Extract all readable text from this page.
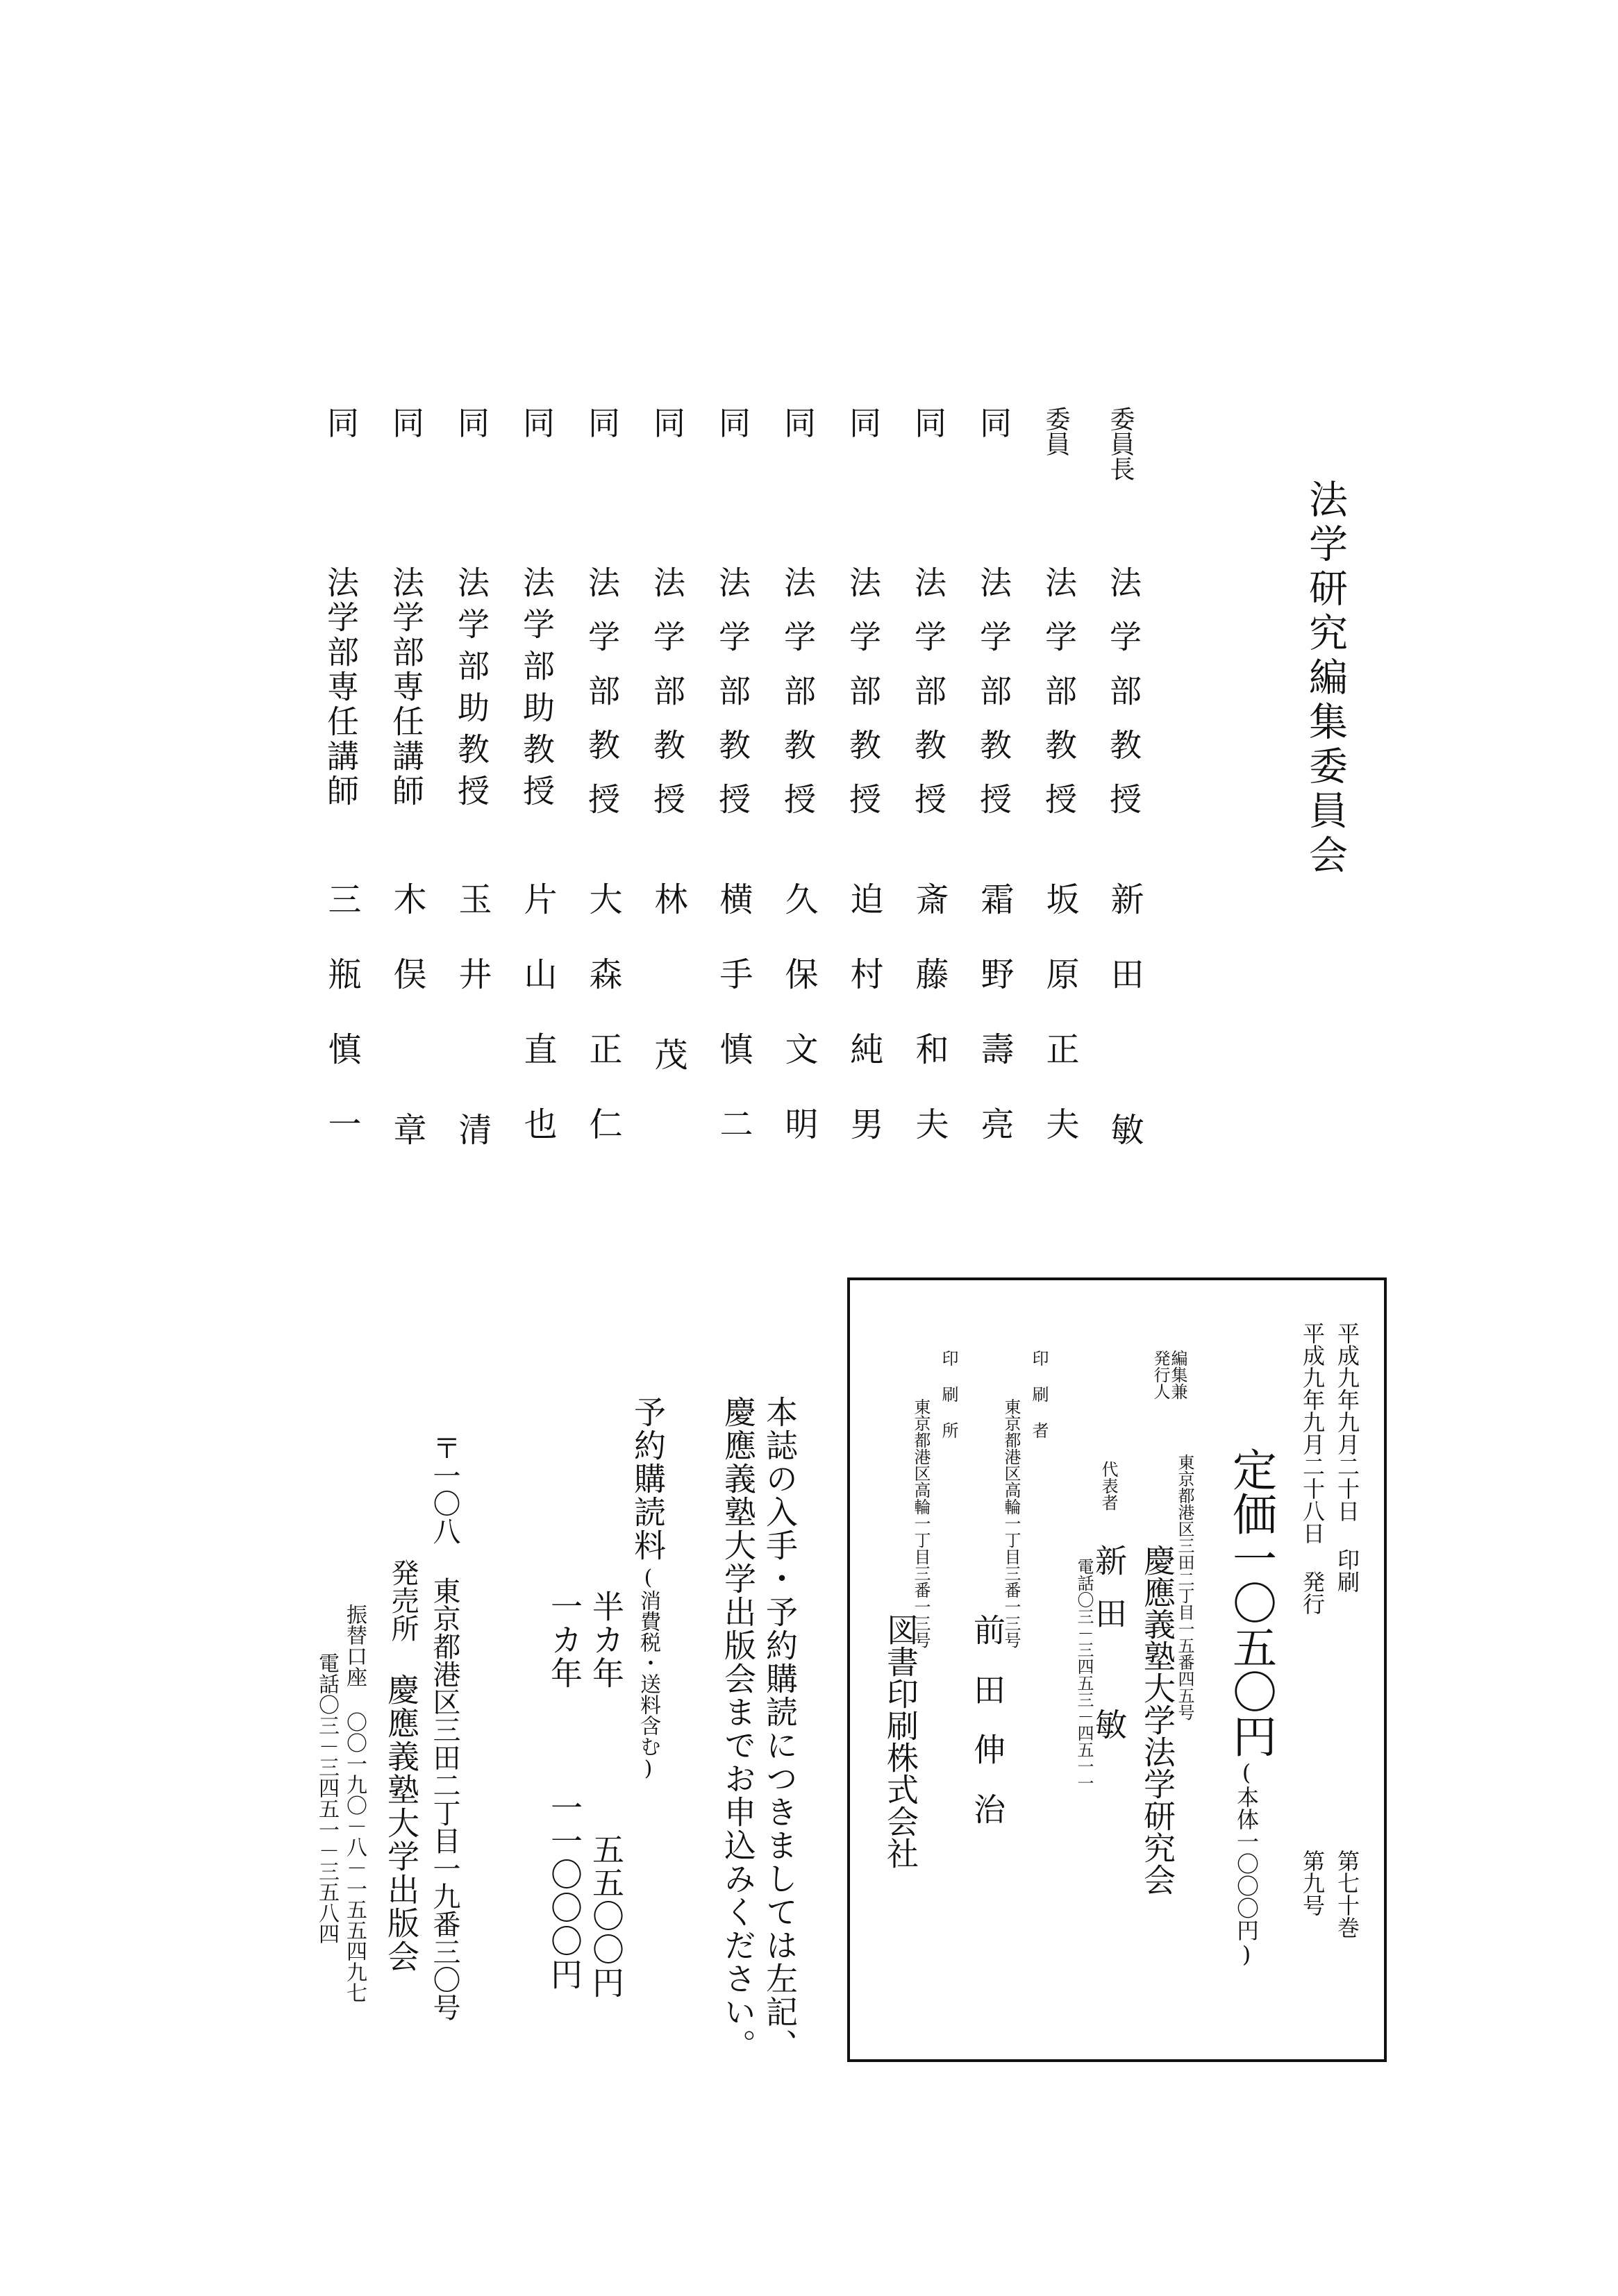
法学研究編集委員会
委員長
法学部教授
新田 敏
委員
法学部教授
坂原正夫
同
法学部教授
霜野壽亮
同
法学部教授
斎藤和夫
同
法学部教授
迫村純男
同
法学部教授
久保文明
同
法学部教授
横手慎二
同
法学部教授
林 茂
同
法学部教授
大森正仁
同
法学部助教授
片山直也
同
法学部助教授
玉井 清
同
法学部専任講師
木俣 章
同
法学部専任講師
三瓶慎一
平成九年九月二十日 印刷
第七十巻
平成九年九月二十八日 発行
第九号
定価一〇五〇円
(本体一〇〇〇円)
編集兼
発行人
東京都港区三田二丁目一五番四五号
慶應義塾大学法学研究会
代表者
新田 敏
電話〇三－三四五三－四五一一
印刷者
東京都港区高輪一丁目三番一三号
前田伸治
印刷所
東京都港区高輪一丁目三番一三号
図書印刷株式会社
本誌の入手・予約購読につきましては左記、
慶應義塾大学出版会までお申込みください。
予約購読料
(消費税・送料含む)
半カ年
五五〇〇円
一カ年
一一〇〇〇円
〒一〇八 東京都港区三田二丁目一九番三〇号
発売所
慶應義塾大学出版会
振替口座 〇〇一九〇－八－一五五四九七
電話〇三－三四五一－三五八四
